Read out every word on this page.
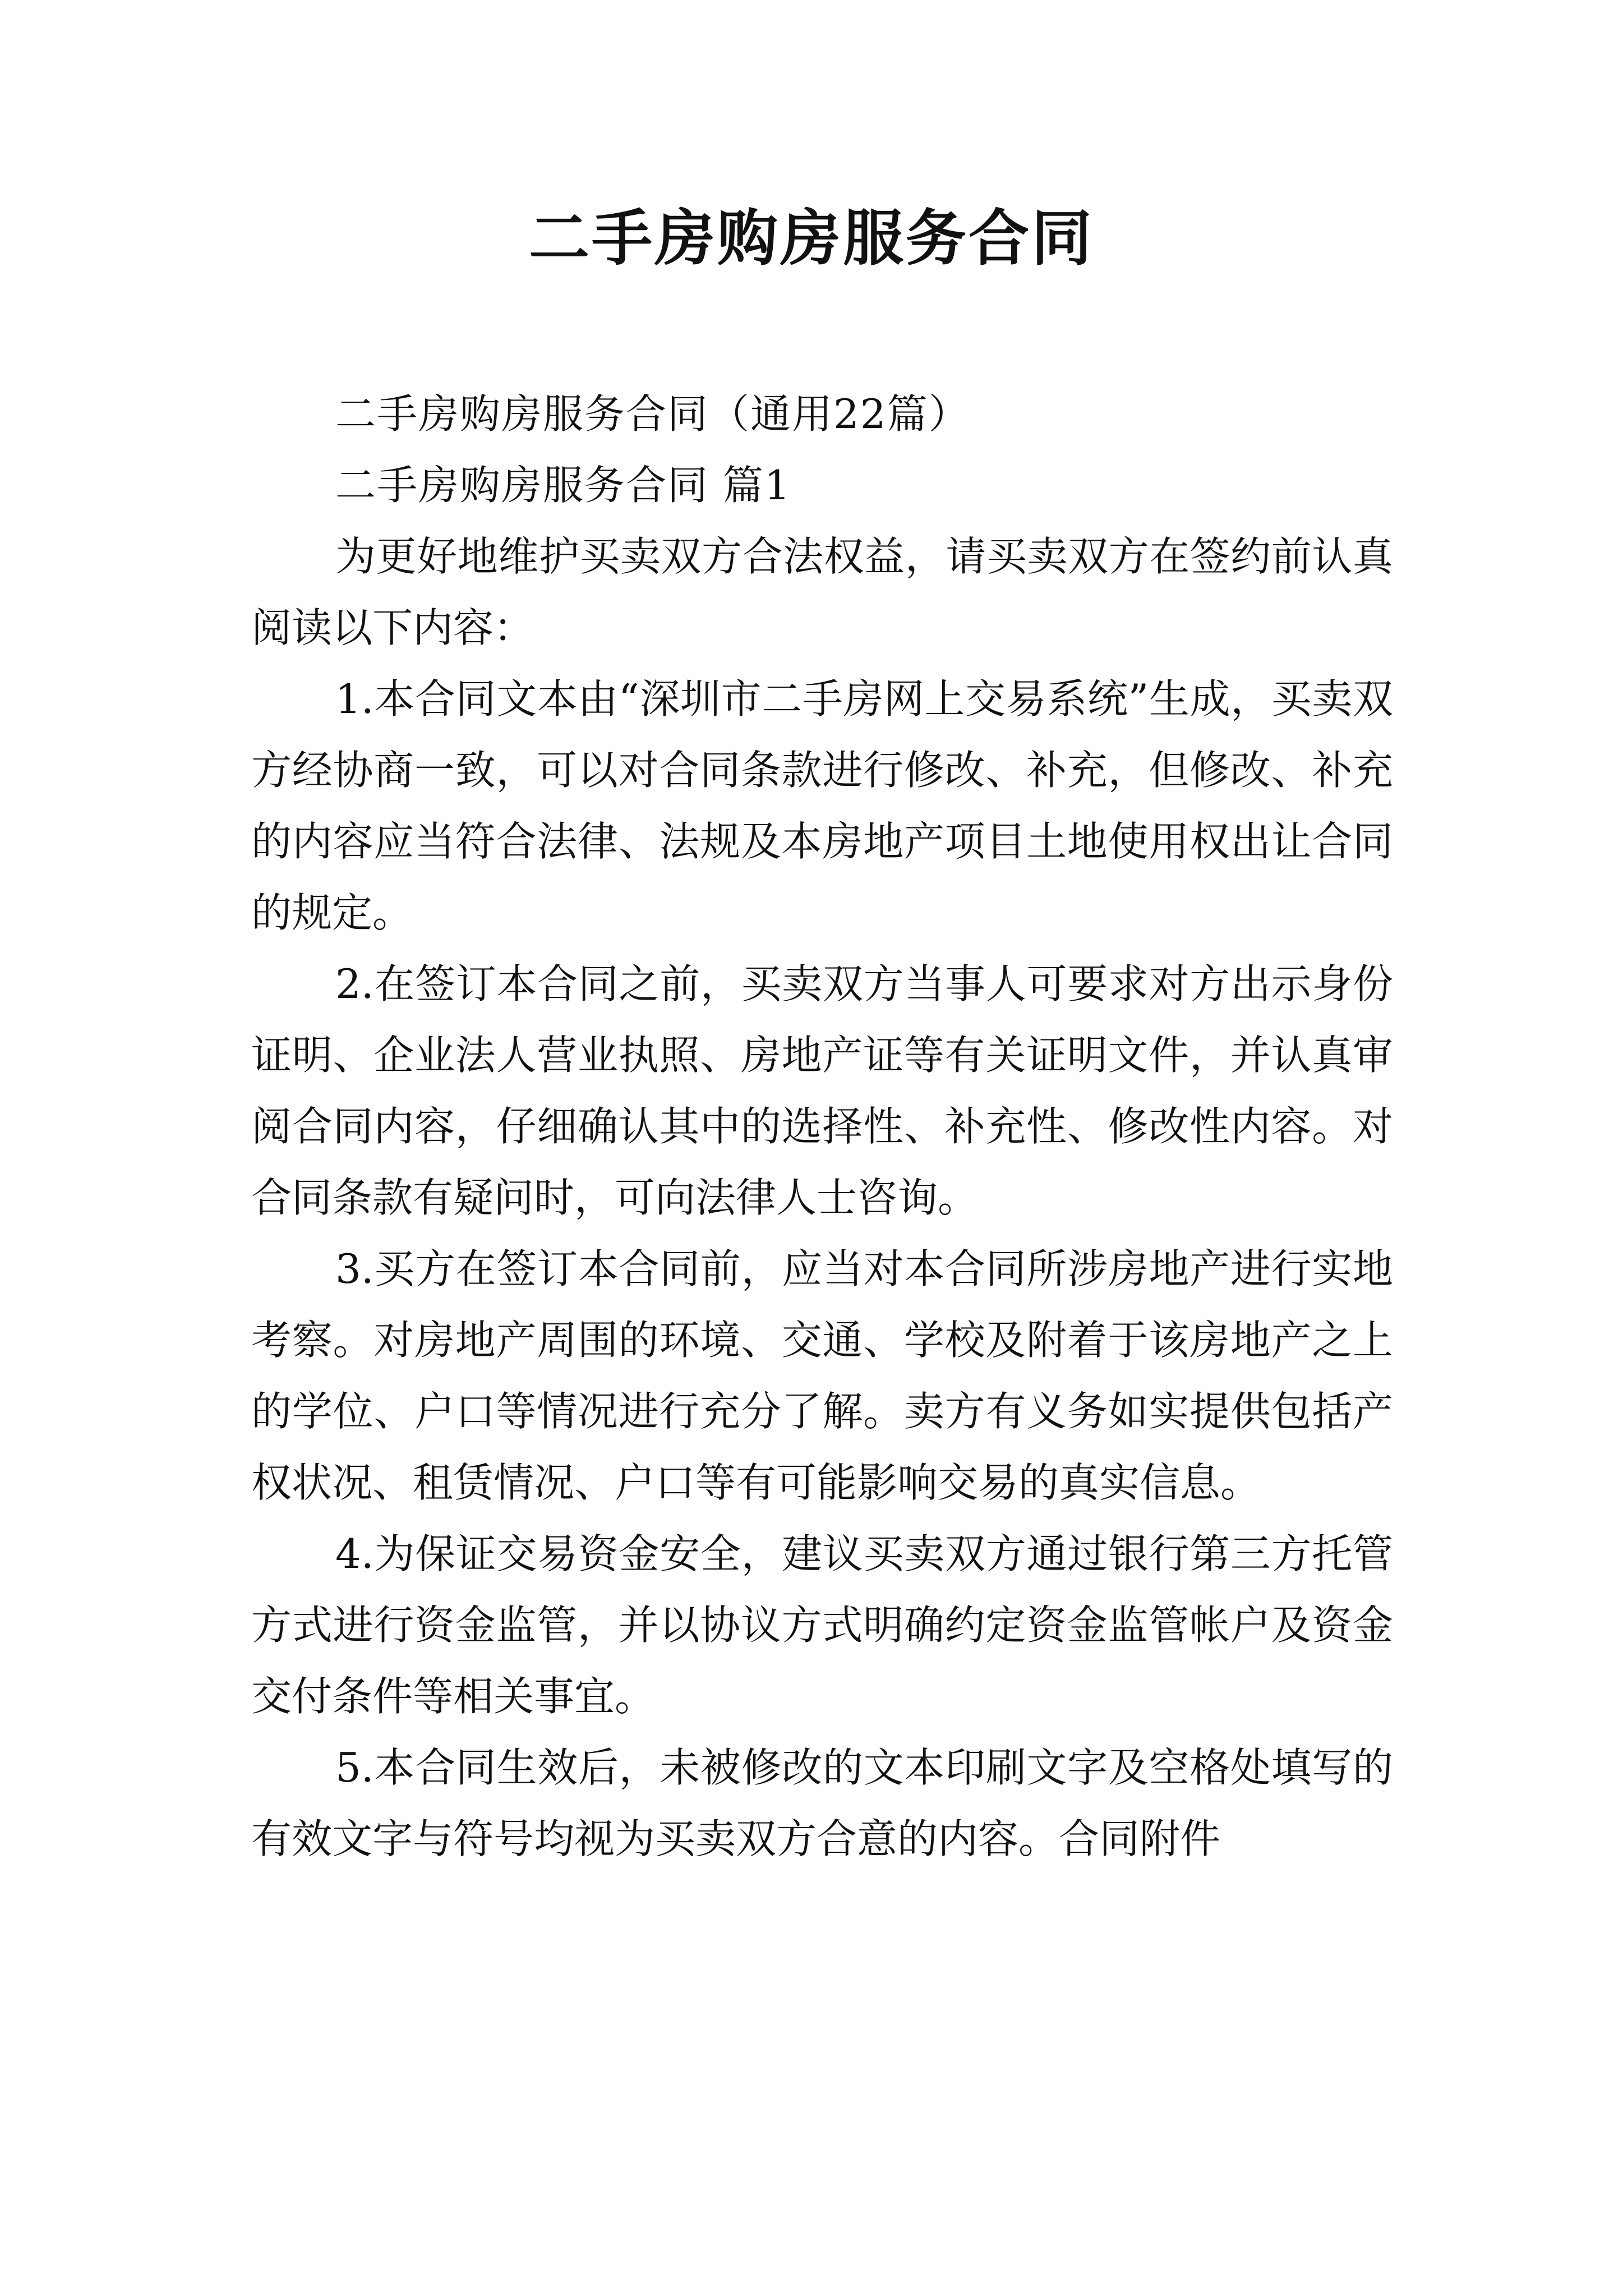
二手房购房服务合同

二手房购房服务合同（通用22篇）

二手房购房服务合同 篇1

为更好地维护买卖双方合法权益，请买卖双方在签约前认真阅读以下内容：

1.本合同文本由“深圳市二手房网上交易系统”生成，买卖双方经协商一致，可以对合同条款进行修改、补充，但修改、补充的内容应当符合法律、法规及本房地产项目土地使用权出让合同的规定。

2.在签订本合同之前，买卖双方当事人可要求对方出示身份证明、企业法人营业执照、房地产证等有关证明文件，并认真审阅合同内容，仔细确认其中的选择性、补充性、修改性内容。对合同条款有疑问时，可向法律人士咨询。

3.买方在签订本合同前，应当对本合同所涉房地产进行实地考察。对房地产周围的环境、交通、学校及附着于该房地产之上的学位、户口等情况进行充分了解。卖方有义务如实提供包括产权状况、租赁情况、户口等有可能影响交易的真实信息。

4.为保证交易资金安全，建议买卖双方通过银行第三方托管方式进行资金监管，并以协议方式明确约定资金监管帐户及资金交付条件等相关事宜。

5.本合同生效后，未被修改的文本印刷文字及空格处填写的有效文字与符号均视为买卖双方合意的内容。合同附件
